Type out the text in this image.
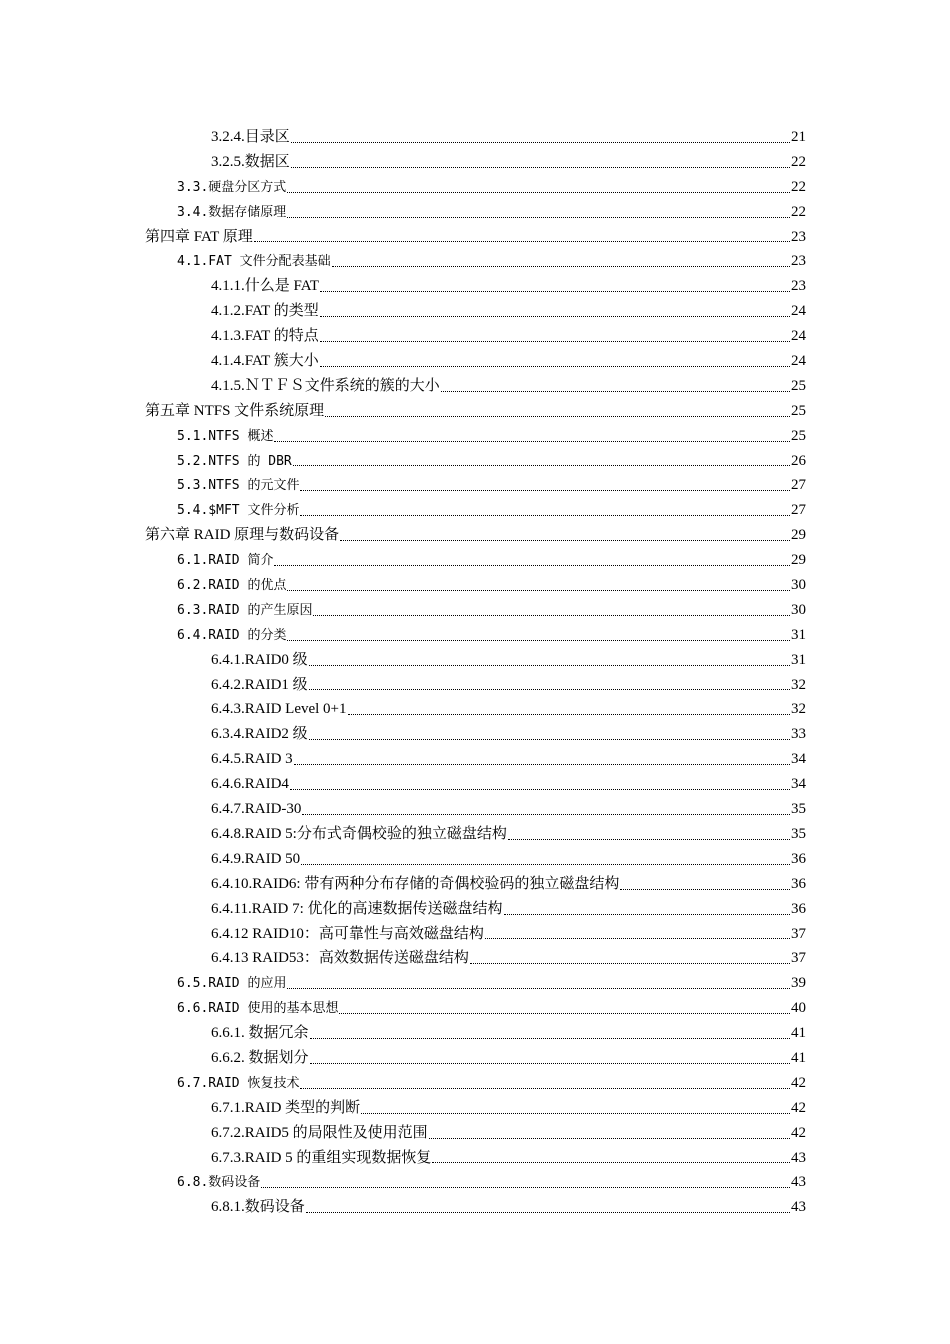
3.2.4.目录区	21
3.2.5.数据区	22
3.3.硬盘分区方式	22
3.4.数据存储原理	22
第四章 FAT 原理	23
4.1.FAT 文件分配表基础	23
4.1.1.什么是 FAT	23
4.1.2.FAT 的类型	24
4.1.3.FAT 的特点	24
4.1.4.FAT 簇大小	24
4.1.5.ＮＴＦＳ文件系统的簇的大小	25
第五章 NTFS 文件系统原理	25
5.1.NTFS 概述	25
5.2.NTFS 的 DBR	26
5.3.NTFS 的元文件	27
5.4.$MFT 文件分析	27
第六章 RAID 原理与数码设备	29
6.1.RAID 简介	29
6.2.RAID 的优点	30
6.3.RAID 的产生原因	30
6.4.RAID 的分类	31
6.4.1.RAID0 级	31
6.4.2.RAID1 级	32
6.4.3.RAID Level 0+1	32
6.3.4.RAID2 级	33
6.4.5.RAID 3	34
6.4.6.RAID4	34
6.4.7.RAID-30	35
6.4.8.RAID 5:分布式奇偶校验的独立磁盘结构	35
6.4.9.RAID 50	36
6.4.10.RAID6: 带有两种分布存储的奇偶校验码的独立磁盘结构	36
6.4.11.RAID 7: 优化的高速数据传送磁盘结构	36
6.4.12 RAID10：高可靠性与高效磁盘结构	37
6.4.13 RAID53：高效数据传送磁盘结构	37
6.5.RAID 的应用	39
6.6.RAID 使用的基本思想	40
6.6.1. 数据冗余	41
6.6.2. 数据划分	41
6.7.RAID 恢复技术	42
6.7.1.RAID 类型的判断	42
6.7.2.RAID5 的局限性及使用范围	42
6.7.3.RAID 5 的重组实现数据恢复	43
6.8.数码设备	43
6.8.1.数码设备	43
